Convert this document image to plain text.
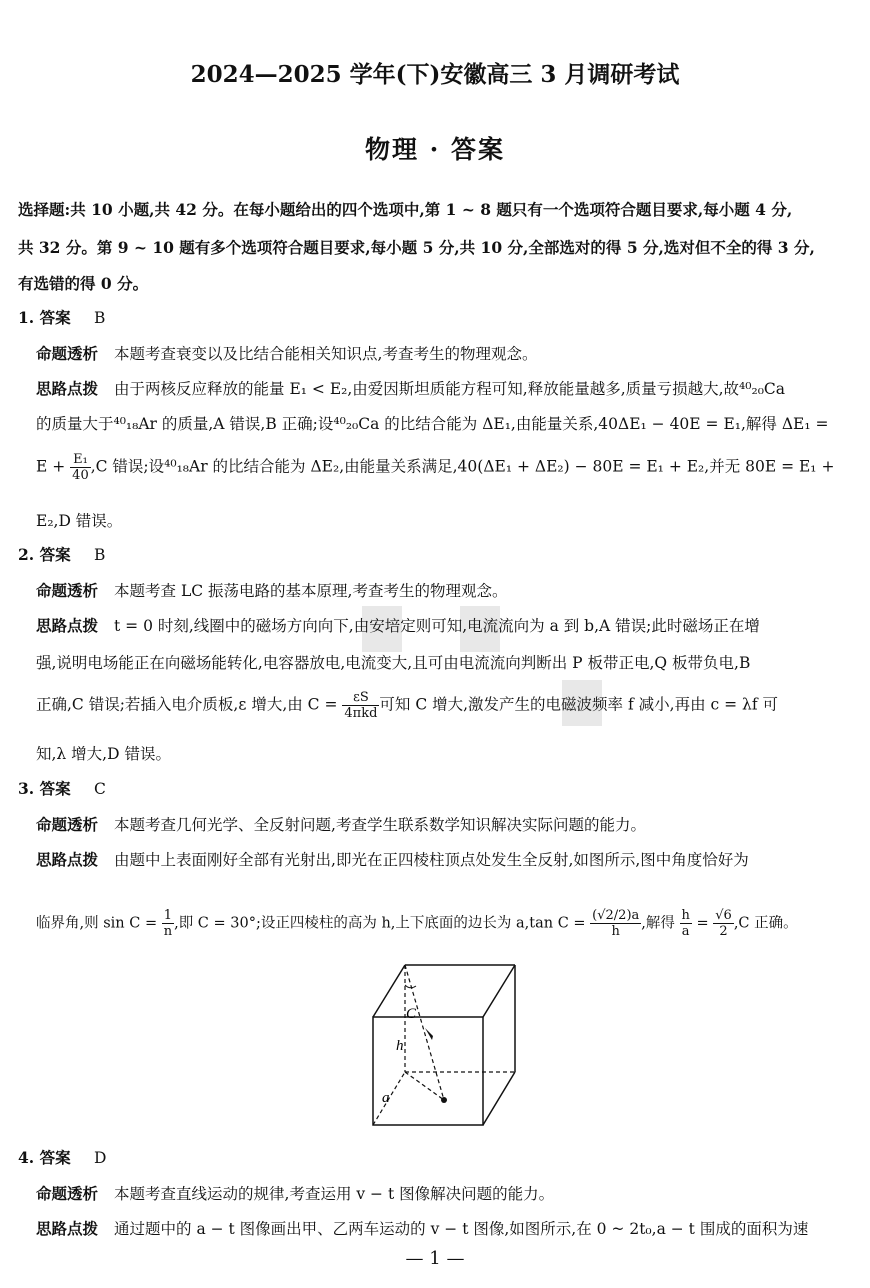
2024—2025 学年(下)安徽高三 3 月调研考试
物理 · 答案
选择题:共 10 小题,共 42 分。在每小题给出的四个选项中,第 1 ~ 8 题只有一个选项符合题目要求,每小题 4 分,
共 32 分。第 9 ~ 10 题有多个选项符合题目要求,每小题 5 分,共 10 分,全部选对的得 5 分,选对但不全的得 3 分,
有选错的得 0 分。
1. 答案 B
命题透析 本题考查衰变以及比结合能相关知识点,考查考生的物理观念。
思路点拨 由于两核反应释放的能量 E₁ < E₂,由爱因斯坦质能方程可知,释放能量越多,质量亏损越大,故⁴⁰₂₀Ca
的质量大于⁴⁰₁₈Ar 的质量,A 错误,B 正确;设⁴⁰₂₀Ca 的比结合能为 ΔE₁,由能量关系,40ΔE₁ − 40E = E₁,解得 ΔE₁ =
$E + \frac{\text{E₁}}{40} ,C$ 错误;设⁴⁰₁₈Ar 的比结合能为 ΔE₂,由能量关系满足,40(ΔE₁ + ΔE₂) − 80E = E₁ + E₂,并无 80E = E₁ +
E₂,D 错误。
2. 答案 B
命题透析 本题考查 LC 振荡电路的基本原理,考查考生的物理观念。
思路点拨 t = 0 时刻,线圈中的磁场方向向下,由安培定则可知,电流流向为 a 到 b,A 错误;此时磁场正在增
强,说明电场能正在向磁场能转化,电容器放电,电流变大,且可由电流流向判断出 P 板带正电,Q 板带负电,B
正确,C 错误;若插入电介质板,ε 增大,由 $C = \frac{\varepsilon S}{\text{4πkd}}$ 可知 C 增大,激发产生的电磁波频率 f 减小,再由 c = λf 可
知,λ 增大,D 错误。
3. 答案 C
命题透析 本题考查几何光学、全反射问题,考查学生联系数学知识解决实际问题的能力。
思路点拨 由题中上表面刚好全部有光射出,即光在正四棱柱顶点处发生全反射,如图所示,图中角度恰好为
临界角,则 $\sin C = \frac{1}{n}$ ,即 C = 30°;设正四棱柱的高为 h,上下底面的边长为 a,tan $C = \frac{(√2/2)a}{h}$ ,解得 $\frac{h}{a} = \frac{√6}{2} ,C$ 正确。
C
h
a
4. 答案 D
命题透析 本题考查直线运动的规律,考查运用 v − t 图像解决问题的能力。
思路点拨 通过题中的 a − t 图像画出甲、乙两车运动的 v − t 图像,如图所示,在 0 ~ 2t₀,a − t 围成的面积为速
— 1 —
